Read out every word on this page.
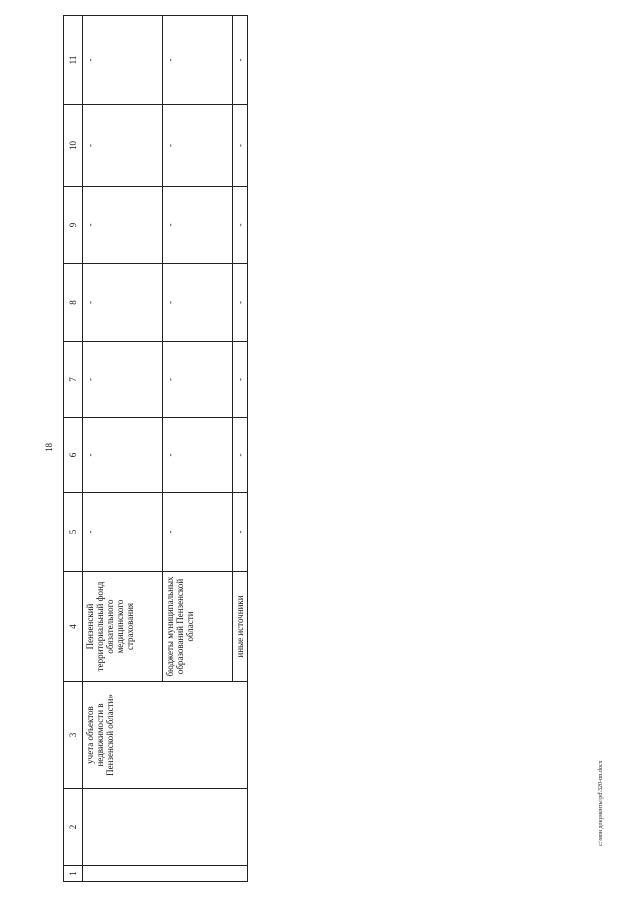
18
1	2	3	4	5	6	7	8	9	10	11
		учета объектов недвижимости в Пензенской области»	Пензенский территориальный фонд обязательного медицинского страхования	-	-	-	-	-	-	-
			бюджеты муниципальных образований Пензенской области	-	-	-	-	-	-	-
			иные источники	-	-	-	-	-	-	-
c:\мои документы\pd\320-пп.docx
